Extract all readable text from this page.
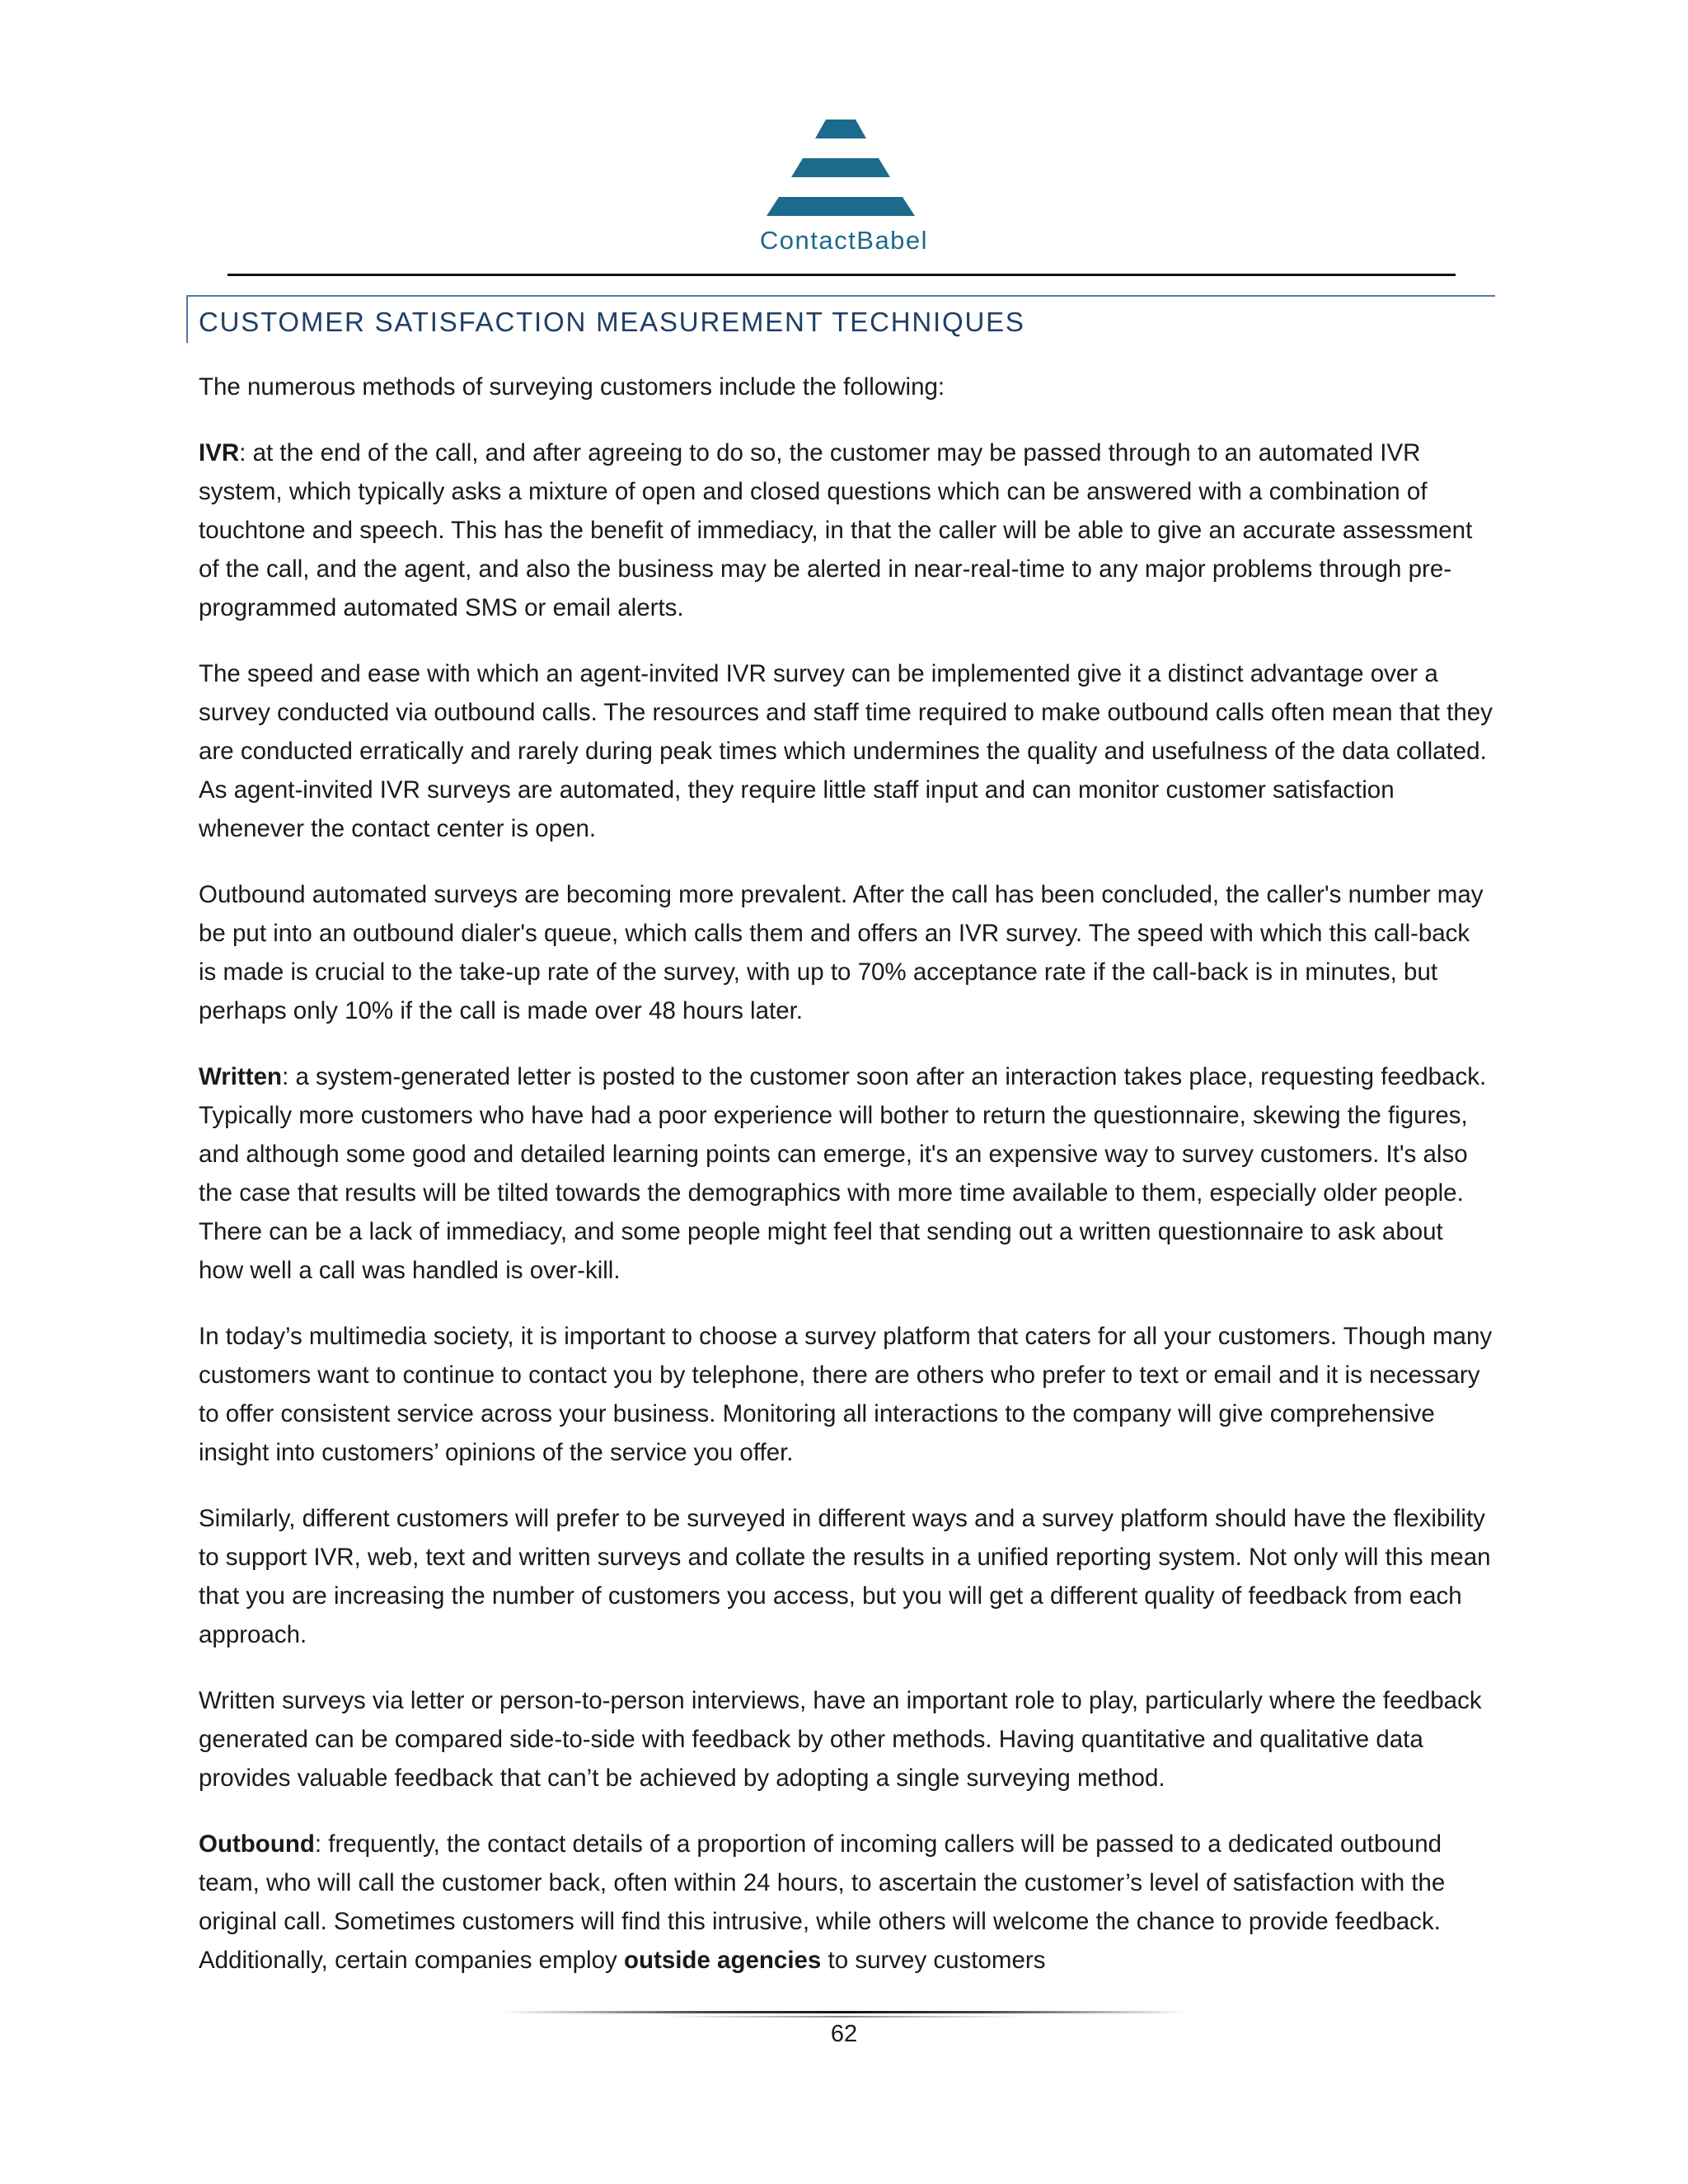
ContactBabel
CUSTOMER SATISFACTION MEASUREMENT TECHNIQUES

The numerous methods of surveying customers include the following:

IVR: at the end of the call, and after agreeing to do so, the customer may be passed through to an automated IVR system, which typically asks a mixture of open and closed questions which can be answered with a combination of touchtone and speech. This has the benefit of immediacy, in that the caller will be able to give an accurate assessment of the call, and the agent, and also the business may be alerted in near-real-time to any major problems through pre-programmed automated SMS or email alerts.

The speed and ease with which an agent-invited IVR survey can be implemented give it a distinct advantage over a survey conducted via outbound calls. The resources and staff time required to make outbound calls often mean that they are conducted erratically and rarely during peak times which undermines the quality and usefulness of the data collated. As agent-invited IVR surveys are automated, they require little staff input and can monitor customer satisfaction whenever the contact center is open.

Outbound automated surveys are becoming more prevalent. After the call has been concluded, the caller's number may be put into an outbound dialer's queue, which calls them and offers an IVR survey. The speed with which this call-back is made is crucial to the take-up rate of the survey, with up to 70% acceptance rate if the call-back is in minutes, but perhaps only 10% if the call is made over 48 hours later.

Written: a system-generated letter is posted to the customer soon after an interaction takes place, requesting feedback. Typically more customers who have had a poor experience will bother to return the questionnaire, skewing the figures, and although some good and detailed learning points can emerge, it's an expensive way to survey customers. It's also the case that results will be tilted towards the demographics with more time available to them, especially older people. There can be a lack of immediacy, and some people might feel that sending out a written questionnaire to ask about how well a call was handled is over-kill.

In today’s multimedia society, it is important to choose a survey platform that caters for all your customers. Though many customers want to continue to contact you by telephone, there are others who prefer to text or email and it is necessary to offer consistent service across your business. Monitoring all interactions to the company will give comprehensive insight into customers’ opinions of the service you offer.

Similarly, different customers will prefer to be surveyed in different ways and a survey platform should have the flexibility to support IVR, web, text and written surveys and collate the results in a unified reporting system. Not only will this mean that you are increasing the number of customers you access, but you will get a different quality of feedback from each approach.

Written surveys via letter or person-to-person interviews, have an important role to play, particularly where the feedback generated can be compared side-to-side with feedback by other methods. Having quantitative and qualitative data provides valuable feedback that can’t be achieved by adopting a single surveying method.

Outbound: frequently, the contact details of a proportion of incoming callers will be passed to a dedicated outbound team, who will call the customer back, often within 24 hours, to ascertain the customer’s level of satisfaction with the original call. Sometimes customers will find this intrusive, while others will welcome the chance to provide feedback. Additionally, certain companies employ outside agencies to survey customers

62
